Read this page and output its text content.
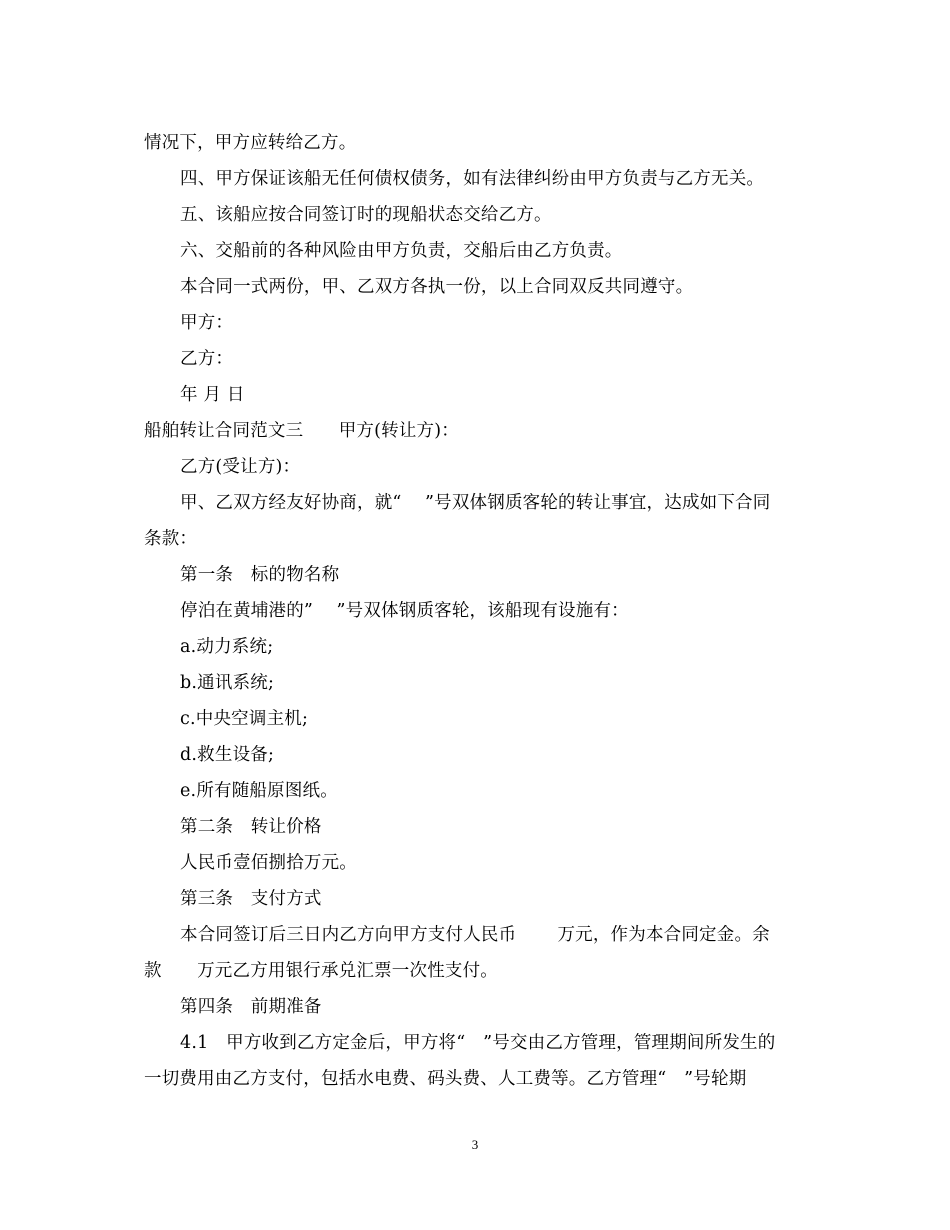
情况下，甲方应转给乙方。
四、甲方保证该船无任何债权债务，如有法律纠纷由甲方负责与乙方无关。
五、该船应按合同签订时的现船状态交给乙方。
六、交船前的各种风险由甲方负责，交船后由乙方负责。
本合同一式两份，甲、乙双方各执一份，以上合同双反共同遵守。
甲方：
乙方：
年 月 日
船舶转让合同范文三　　甲方(转让方)：
乙方(受让方)：
甲、乙双方经友好协商，就“　 ”号双体钢质客轮的转让事宜，达成如下合同
条款：
第一条　标的物名称
停泊在黄埔港的”　 ”号双体钢质客轮，该船现有设施有：
a.动力系统;
b.通讯系统;
c.中央空调主机;
d.救生设备;
e.所有随船原图纸。
第二条　转让价格
人民币壹佰捌拾万元。
第三条　支付方式
本合同签订后三日内乙方向甲方支付人民币　　 万元，作为本合同定金。余
款　　万元乙方用银行承兑汇票一次性支付。
第四条　前期准备
4.1　甲方收到乙方定金后，甲方将“　”号交由乙方管理，管理期间所发生的
一切费用由乙方支付，包括水电费、码头费、人工费等。乙方管理“　”号轮期
3
